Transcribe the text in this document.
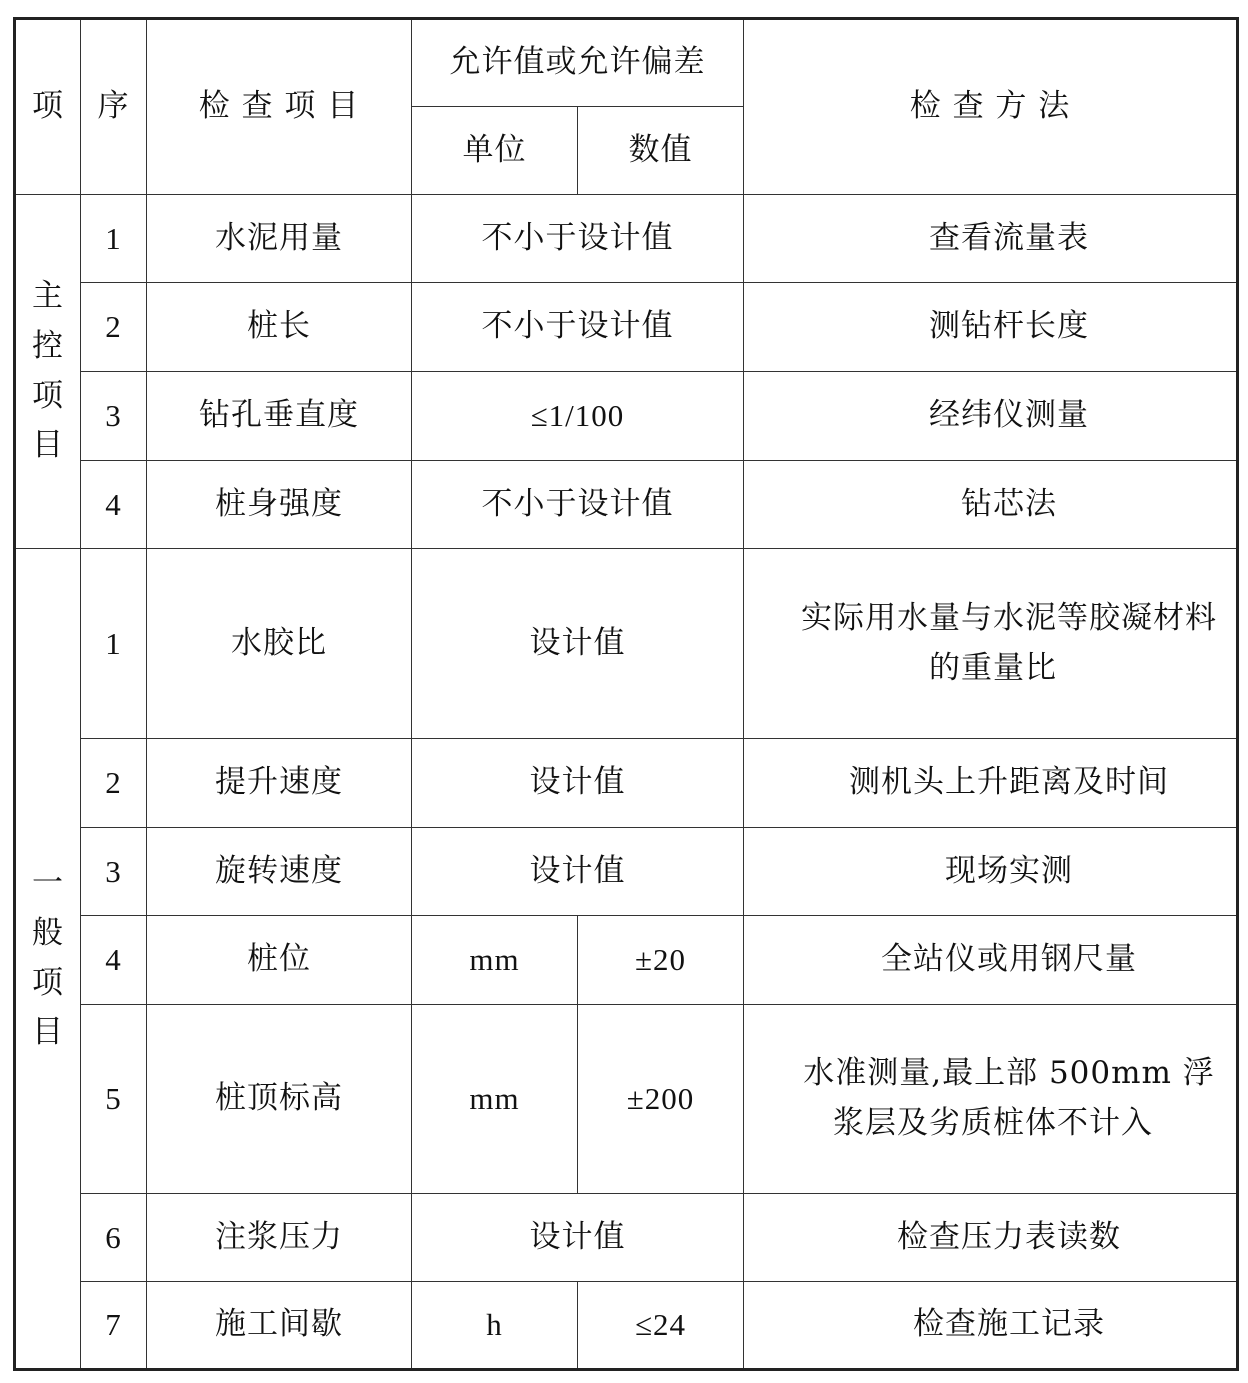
项	序	检 查 项 目	允许值或允许偏差		检 查 方 法
			单位	数值	
主控项目	1	水泥用量	不小于设计值		查看流量表
	2	桩长	不小于设计值		测钻杆长度
	3	钻孔垂直度	≤1/100		经纬仪测量
	4	桩身强度	不小于设计值		钻芯法
一般项目	1	水胶比	设计值		实际用水量与水泥等胶凝材料的重量比
	2	提升速度	设计值		测机头上升距离及时间
	3	旋转速度	设计值		现场实测
	4	桩位	mm	±20	全站仪或用钢尺量
	5	桩顶标高	mm	±200	水准测量,最上部 500mm 浮浆层及劣质桩体不计入
	6	注浆压力	设计值		检查压力表读数
	7	施工间歇	h	≤24	检查施工记录
